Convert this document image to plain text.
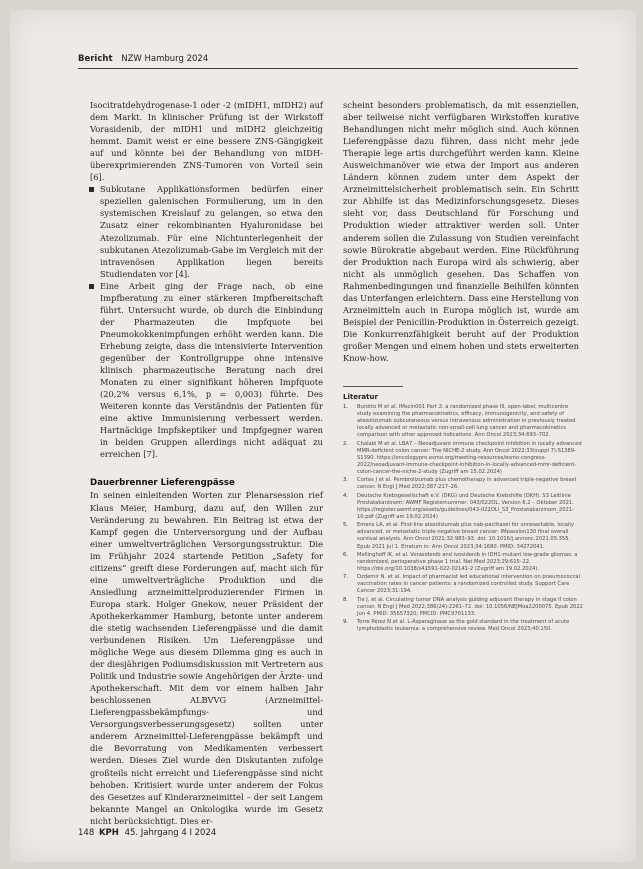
Bericht NZW Hamburg 2024

Isocitratdehydrogenase-1 oder -2 (mIDH1, mIDH2) auf dem Markt. In klinischer Prüfung ist der Wirkstoff Vorasidenib, der mIDH1 und mIDH2 gleichzeitig hemmt. Damit weist er eine bessere ZNS-Gängigkeit auf und könnte bei der Behandlung von mIDH-überexprimierenden ZNS-Tumoren von Vorteil sein [6].

Subkutane Applikationsformen bedürfen einer speziellen galenischen Formulierung, um in den systemischen Kreislauf zu gelangen, so etwa den Zusatz einer rekombinanten Hyaluronidase bei Atezolizumab. Für eine Nichtunterlegenheit der subkutanen Atezolizumab-Gabe im Vergleich mit der intravenösen Applikation liegen bereits Studiendaten vor [4].
Eine Arbeit ging der Frage nach, ob eine Impfberatung zu einer stärkeren Impfbereitschaft führt. Untersucht wurde, ob durch die Einbindung der Pharmazeuten die Impfquote bei Pneumokokkenimpfungen erhöht werden kann. Die Erhebung zeigte, dass die intensivierte Intervention gegenüber der Kontrollgruppe ohne intensive klinisch pharmazeutische Beratung nach drei Monaten zu einer signifikant höheren Impfquote (20,2% versus 6,1%, p = 0,003) führte. Des Weiteren konnte das Verständnis der Patienten für eine aktive Immunisierung verbessert werden. Hartnäckige Impfskeptiker und Impfgegner waren in beiden Gruppen allerdings nicht adäquat zu erreichen [7].
Dauerbrenner Lieferengpässe

In seinen einleitenden Worten zur Plenarsession rief Klaus Meier, Hamburg, dazu auf, den Willen zur Veränderung zu bewahren. Ein Beitrag ist etwa der Kampf gegen die Unterversorgung und der Aufbau einer umweltverträglichen Versorgungsstruktur. Die im Frühjahr 2024 startende Petition „Safety for citizens“ greift diese Forderungen auf, macht sich für eine umweltverträgliche Produktion und die Ansiedlung arzneimittelproduzierender Firmen in Europa stark. Holger Gnekow, neuer Präsident der Apothekerkammer Hamburg, betonte unter anderem die stetig wachsenden Lieferengpässe und die damit verbundenen Risiken. Um Lieferengpässe und mögliche Wege aus diesem Dilemma ging es auch in der diesjährigen Podiumsdiskussion mit Vertretern aus Politik und Industrie sowie Angehörigen der Ärzte- und Apothekerschaft. Mit dem vor einem halben Jahr beschlossenen ALBVVG (Arzneimittel-Lieferengpassbekämpfungs- und Versorgungsverbesserungsgesetz) sollten unter anderem Arzneimittel-Lieferengpässe bekämpft und die Bevorratung von Medikamenten verbessert werden. Dieses Ziel wurde den Diskutanten zufolge großteils nicht erreicht und Lieferengpässe sind nicht behoben. Kritisiert wurde unter anderem der Fokus des Gesetzes auf Kinderarzneimittel – der seit Langem bekannte Mangel an Onkologika wurde im Gesetz nicht berücksichtigt. Dies er-

scheint besonders problematisch, da mit essenziellen, aber teilweise nicht verfügbaren Wirkstoffen kurative Behandlungen nicht mehr möglich sind. Auch können Lieferengpässe dazu führen, dass nicht mehr jede Therapie lege artis durchgeführt werden kann. Kleine Ausweichmanöver wie etwa der Import aus anderen Ländern können zudem unter dem Aspekt der Arzneimittelsicherheit problematisch sein. Ein Schritt zur Abhilfe ist das Medizinforschungsgesetz. Dieses sieht vor, dass Deutschland für Forschung und Produktion wieder attraktiver werden soll. Unter anderem sollen die Zulassung von Studien vereinfacht sowie Bürokratie abgebaut werden. Eine Rückführung der Produktion nach Europa wird als schwierig, aber nicht als unmöglich gesehen. Das Schaffen von Rahmenbedingungen und finanzielle Beihilfen könnten das Unterfangen erleichtern. Dass eine Herstellung von Arzneimitteln auch in Europa möglich ist, wurde am Beispiel der Penicillin-Produktion in Österreich gezeigt. Die Konkurrenzfähigkeit beruht auf der Produktion großer Mengen und einem hohen und stets erweiterten Know-how.

Literatur
1. Burotto M et al. IMscin001 Part 2: a randomized phase III, open-label, multicentre study examining the pharmacokinetics, efficacy, immunogenicity, and safety of atezolizumab subcutaneous versus intravenous administration in previously treated locally advanced or metastatic non-small-cell lung cancer and pharmacokinetics comparison with other approved indications. Ann Oncol 2023;34:693–702.
2. Chalabi M et al. LBA7 – Neoadjuvant immune checkpoint inhibition in locally advanced MMR-deficient colon cancer: The NICHE-2 study. Ann Oncol 2022;33(suppl 7):S1389–S1390. https://oncologypro.esmo.org/meeting-resources/esmo-congress-2022/neoadjuvant-immune-checkpoint-inhibition-in-locally-advanced-mmr-deficient-colon-cancer-the-niche-2-study (Zugriff am 15.02.2024)
3. Cortes J et al. Pembrolizumab plus chemotherapy in advanced triple-negative breast cancer. N Engl J Med 2022;387:217–26.
4. Deutsche Krebsgesellschaft e.V. (DKG) und Deutsche Krebshilfe (DKH). S3 Leitlinie Prostatakarzinom; AWMF Registernummer: 043/022OL, Version 6.2 – Oktober 2021. https://register.awmf.org/assets/guidelines/043-022OLl_S3_Prostatakarzinom_2021-10.pdf (Zugriff am 19.02.2024)
5. Emens LA, et al. First-line atezolizumab plus nab-paclitaxel for unresectable, locally advanced, or metastatic triple-negative breast cancer: IMpassion130 final overall survival analysis. Ann Oncol 2021;32:983–93. doi: 10.1016/j.annonc.2021.05.355. Epub 2021 Jul 1. Erratum in: Ann Oncol 2023;34:1680. PMID: 34272041.
6. Mellinghoff IK, et al. Vorasidenib and ivosidenib in IDH1-mutant low-grade gliomas: a randomized, perioperative phase 1 trial. Nat Med 2023;29:615–22. https://doi.org/10.1038/s41591-022-02141-2 (Zugriff am 19.02.2024).
7. Ozdemir N. et al. Impact of pharmacist led educational intervention on pneumococcal vaccination rates in cancer patients: a randomized controlled study. Support Care Cancer 2023;31:194.
8. Tie J, et al. Circulating tumor DNA analysis guiding adjuvant therapy in stage II colon cancer. N Engl J Med 2022;386(24):2261–72. doi: 10.1056/NEJMoa2200075. Epub 2022 Jun 4. PMID: 35657320; PMCID: PMC9701133.
9. Torre Pérez N et al. L-Asparaginase as the gold standard in the treatment of acute lymphoblastic leukemia: a comprehensive review. Med Oncol 2023;40:150.
148 KPH 45. Jahrgang 4 I 2024
